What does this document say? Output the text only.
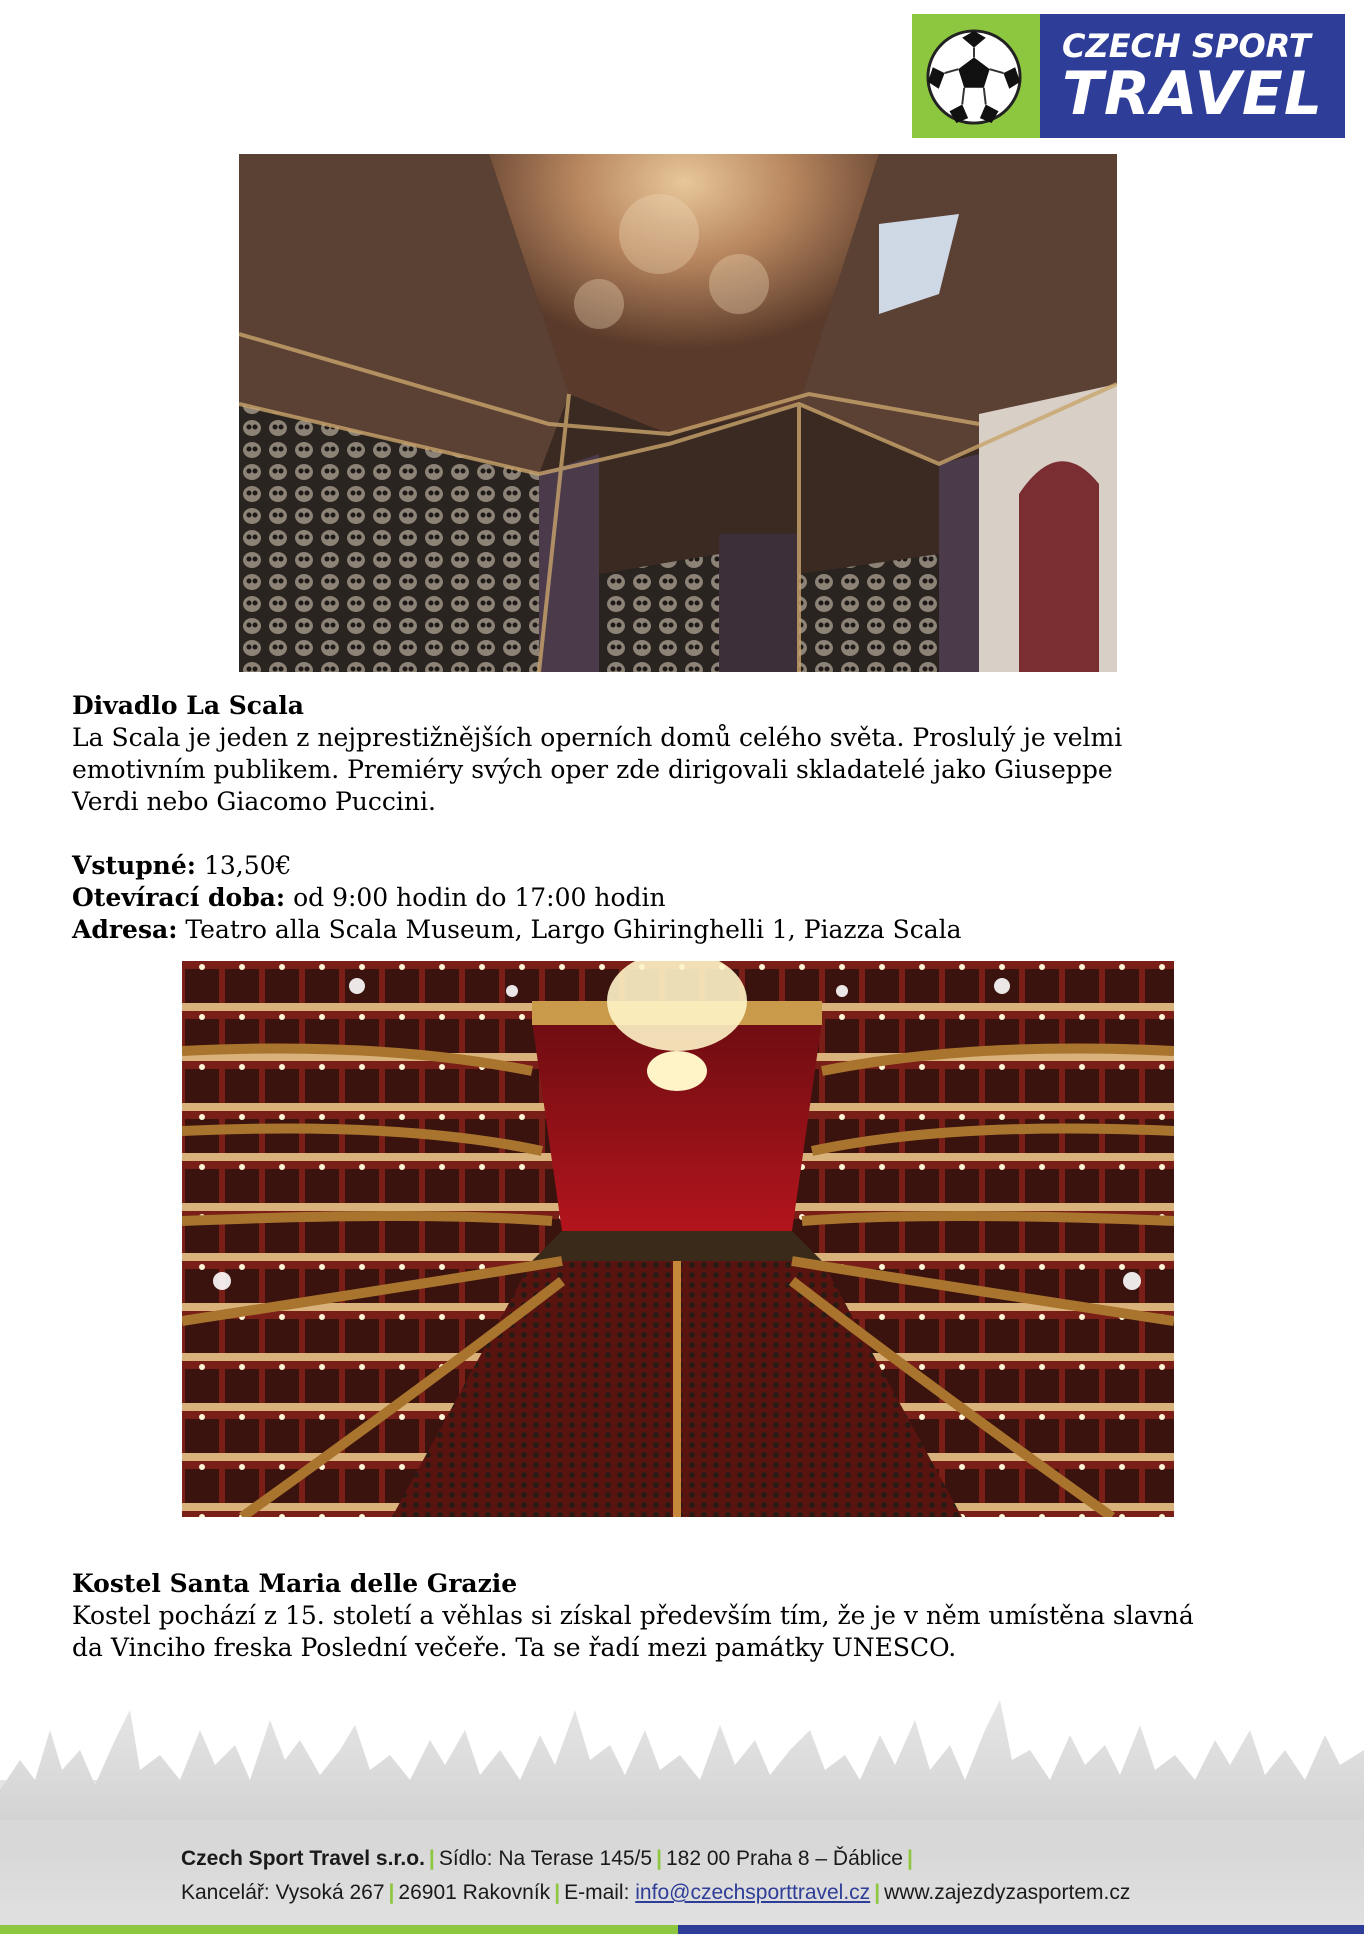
CZECH SPORT
TRAVEL
Divadlo La Scala
La Scala je jeden z nejprestižnějších operních domů celého světa. Proslulý je velmi
emotivním publikem. Premiéry svých oper zde dirigovali skladatelé jako Giuseppe
Verdi nebo Giacomo Puccini.
Vstupné: 13,50€
Otevírací doba: od 9:00 hodin do 17:00 hodin
Adresa: Teatro alla Scala Museum, Largo Ghiringhelli 1, Piazza Scala
Kostel Santa Maria delle Grazie
Kostel pochází z 15. století a věhlas si získal především tím, že je v něm umístěna slavná
da Vinciho freska Poslední večeře. Ta se řadí mezi památky UNESCO.
Czech Sport Travel s.r.o. | Sídlo: Na Terase 145/5 | 182 00 Praha 8 – Ďáblice |
Kancelář: Vysoká 267 | 26901 Rakovník | E-mail: info@czechsporttravel.cz | www.zajezdyzasportem.cz
